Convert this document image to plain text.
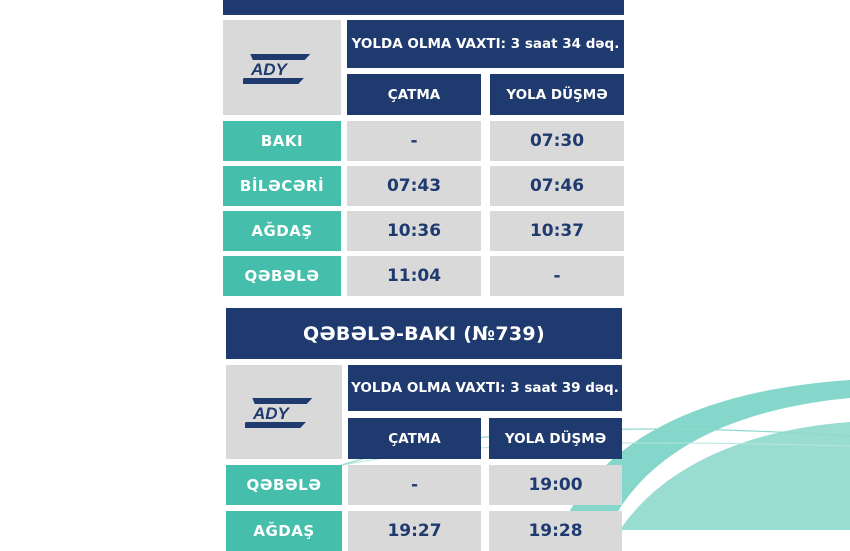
ADY
YOLDA OLMA VAXTI: 3 saat 34 dəq.
ÇATMA	YOLA DÜŞMƏ
BAKI	-	07:30
BİLƏCƏRİ	07:43	07:46
AĞDAŞ	10:36	10:37
QƏBƏLƏ	11:04	-
QƏBƏLƏ-BAKI (№739)
ADY
YOLDA OLMA VAXTI: 3 saat 39 dəq.
ÇATMA	YOLA DÜŞMƏ
QƏBƏLƏ	-	19:00
AĞDAŞ	19:27	19:28
